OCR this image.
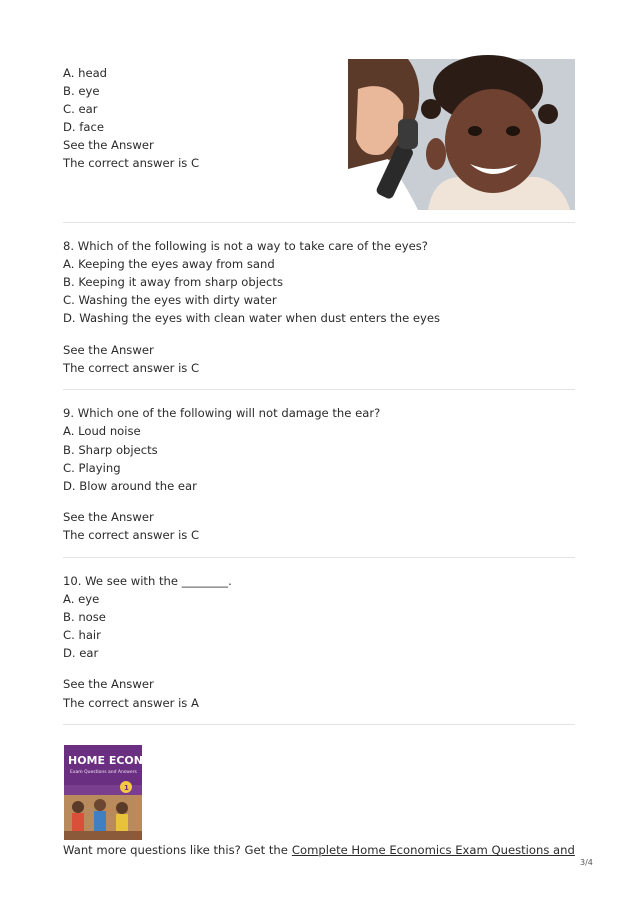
A. head
B. eye
C. ear
D. face
See the Answer
The correct answer is C
8. Which of the following is not a way to take care of the eyes?
A. Keeping the eyes away from sand
B. Keeping it away from sharp objects
C. Washing the eyes with dirty water
D. Washing the eyes with clean water when dust enters the eyes
See the Answer
The correct answer is C
9. Which one of the following will not damage the ear?
A. Loud noise
B. Sharp objects
C. Playing
D. Blow around the ear
See the Answer
The correct answer is C
10. We see with the ________.
A. eye
B. nose
C. hair
D. ear
See the Answer
The correct answer is A
HOME ECONS
Exam Questions and Answers
1
Want more questions like this? Get the Complete Home Economics Exam Questions and
3/4
